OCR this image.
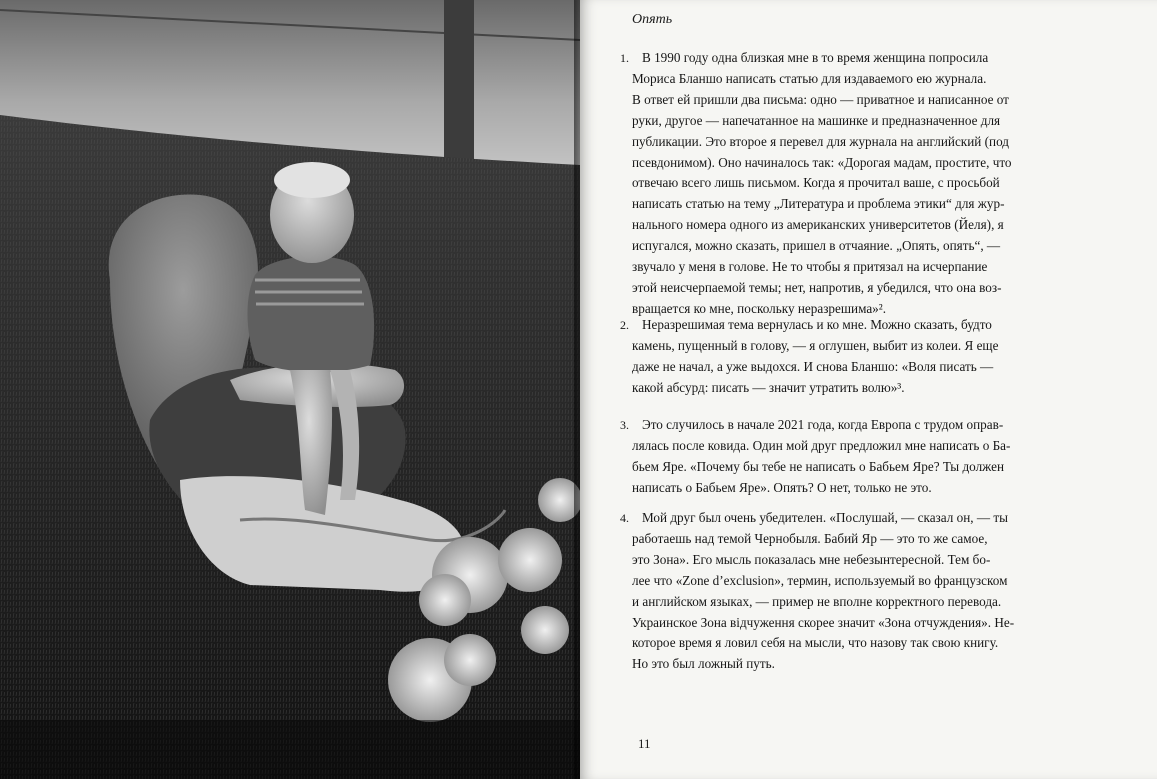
Опять
1. В 1990 году одна близкая мне в то время женщина попросила
Мориса Бланшо написать статью для издаваемого ею журнала.
В ответ ей пришли два письма: одно — приватное и написанное от
руки, другое — напечатанное на машинке и предназначенное для
публикации. Это второе я перевел для журнала на английский (под
псевдонимом). Оно начиналось так: «Дорогая мадам, простите, что
отвечаю всего лишь письмом. Когда я прочитал ваше, с просьбой
написать статью на тему „Литература и проблема этики“ для жур-
нального номера одного из американских университетов (Йеля), я
испугался, можно сказать, пришел в отчаяние. „Опять, опять“, —
звучало у меня в голове. Не то чтобы я притязал на исчерпание
этой неисчерпаемой темы; нет, напротив, я убедился, что она воз-
вращается ко мне, поскольку неразрешима»².
2. Неразрешимая тема вернулась и ко мне. Можно сказать, будто
камень, пущенный в голову, — я оглушен, выбит из колеи. Я еще
даже не начал, а уже выдохся. И снова Бланшо: «Воля писать —
какой абсурд: писать — значит утратить волю»³.
3. Это случилось в начале 2021 года, когда Европа с трудом оправ-
лялась после ковида. Один мой друг предложил мне написать о Ба-
бьем Яре. «Почему бы тебе не написать о Бабьем Яре? Ты должен
написать о Бабьем Яре». Опять? О нет, только не это.
4. Мой друг был очень убедителен. «Послушай, — сказал он, — ты
работаешь над темой Чернобыля. Бабий Яр — это то же самое,
это Зона». Его мысль показалась мне небезынтересной. Тем бо-
лее что «Zone d’exclusion», термин, используемый во французском
и английском языках, — пример не вполне корректного перевода.
Украинское Зона відчуження скорее значит «Зона отчуждения». Не-
которое время я ловил себя на мысли, что назову так свою книгу.
Но это был ложный путь.
11
